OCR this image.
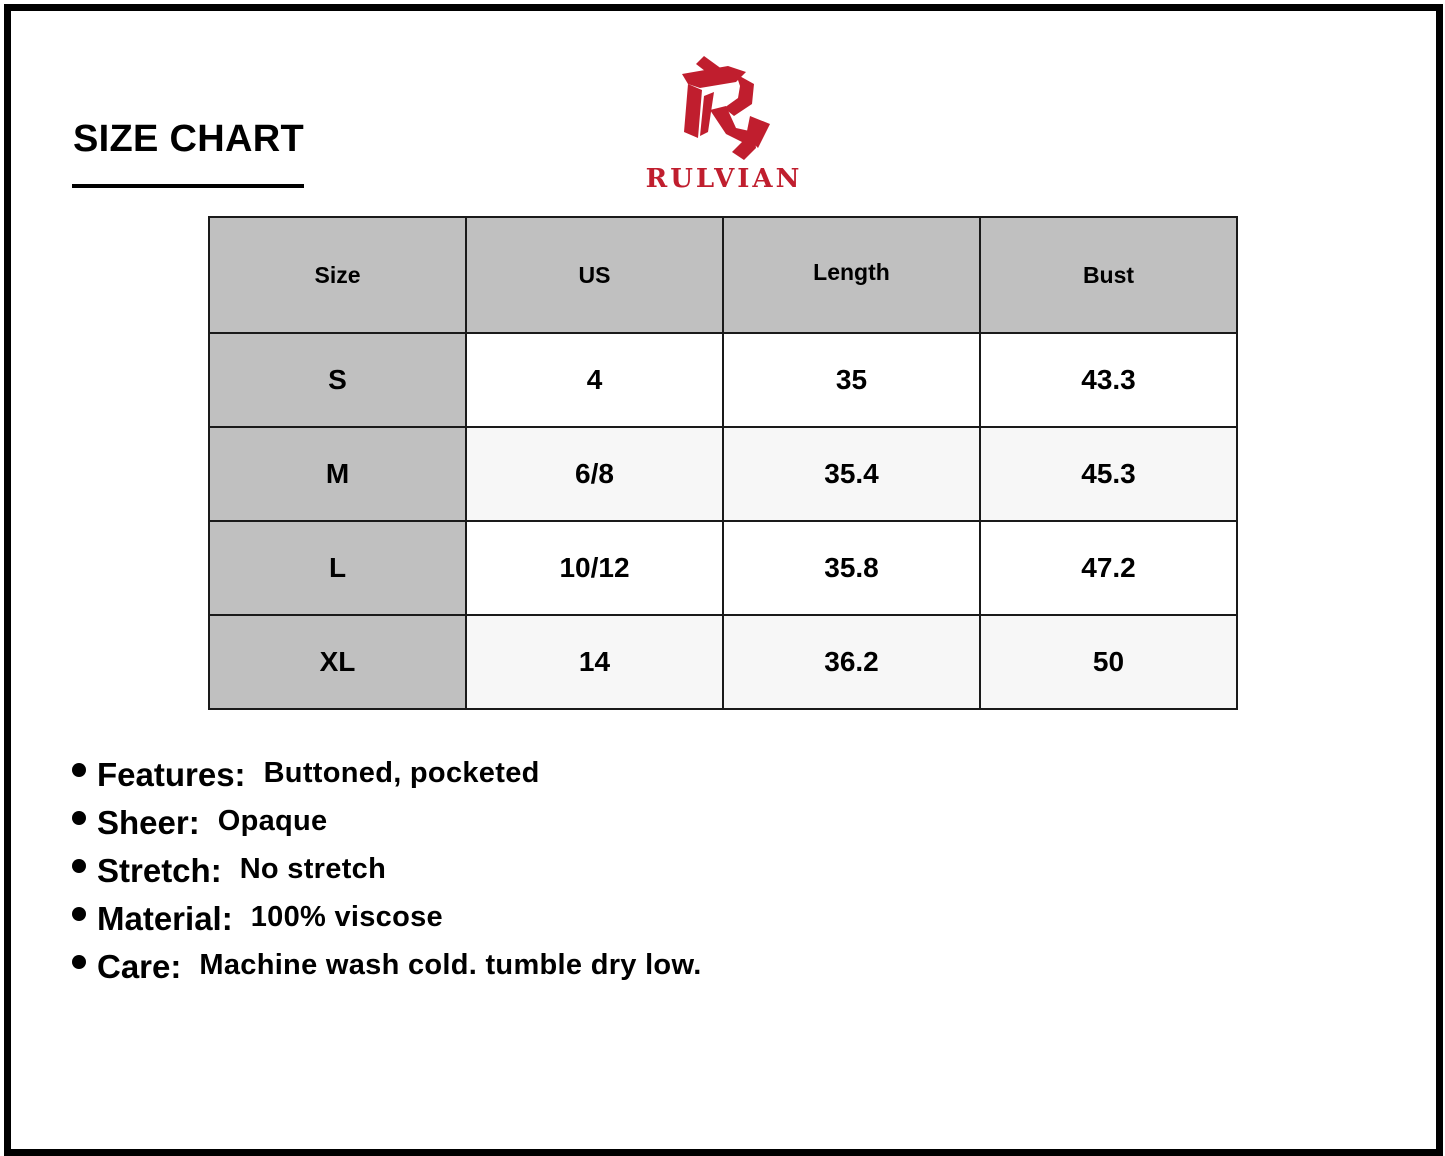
SIZE CHART
RULVIAN
Size	US	Length	Bust
S	4	35	43.3
M	6/8	35.4	45.3
L	10/12	35.8	47.2
XL	14	36.2	50
Features: Buttoned, pocketed
Sheer: Opaque
Stretch: No stretch
Material: 100% viscose
Care: Machine wash cold. tumble dry low.
